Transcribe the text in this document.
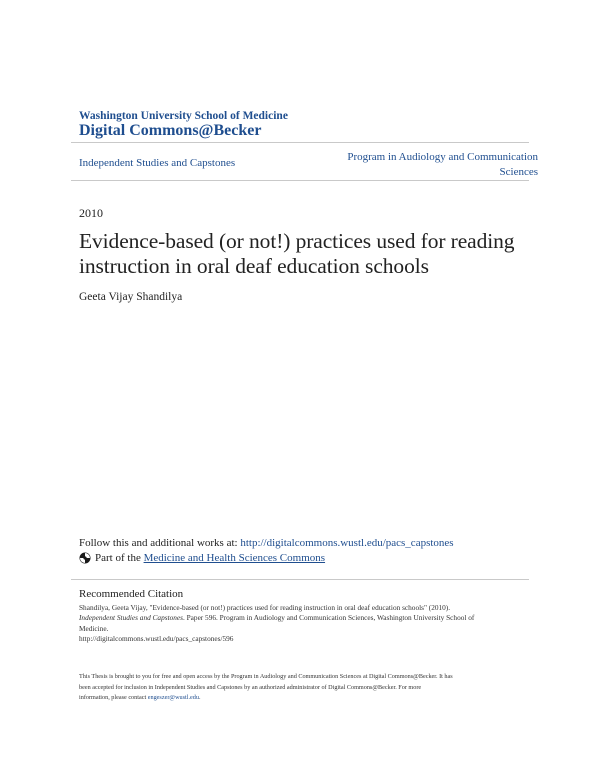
Washington University School of Medicine
Digital Commons@Becker
Independent Studies and Capstones	Program in Audiology and Communication
Sciences
2010
Evidence-based (or not!) practices used for reading
instruction in oral deaf education schools
Geeta Vijay Shandilya
Follow this and additional works at: http://digitalcommons.wustl.edu/pacs_capstones
Part of the
Medicine and Health Sciences Commons
Recommended Citation
Shandilya, Geeta Vijay, "Evidence-based (or not!) practices used for reading instruction in oral deaf education schools" (2010).
Independent Studies and Capstones. Paper 596. Program in Audiology and Communication Sciences, Washington University School of
Medicine.
http://digitalcommons.wustl.edu/pacs_capstones/596
This Thesis is brought to you for free and open access by the Program in Audiology and Communication Sciences at Digital Commons@Becker. It has
been accepted for inclusion in Independent Studies and Capstones by an authorized administrator of Digital Commons@Becker. For more
information, please contact engeszer@wustl.edu.
